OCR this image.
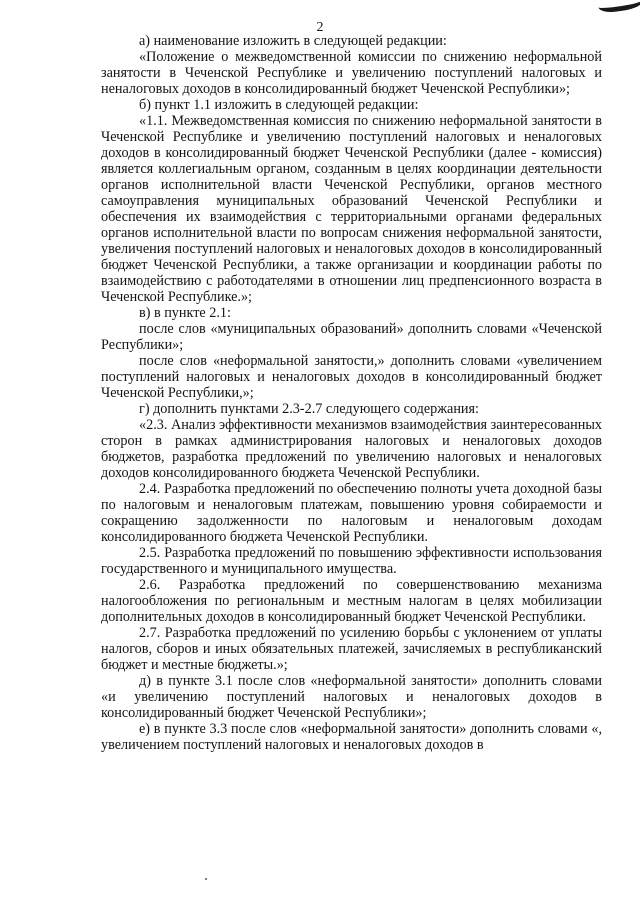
2

а) наименование изложить в следующей редакции:

«Положение о межведомственной комиссии по снижению неформальной занятости в Чеченской Республике и увеличению поступлений налоговых и неналоговых доходов в консолидированный бюджет Чеченской Республики»;

б) пункт 1.1 изложить в следующей редакции:

«1.1. Межведомственная комиссия по снижению неформальной занятости в Чеченской Республике и увеличению поступлений налоговых и неналоговых доходов в консолидированный бюджет Чеченской Республики (далее - комиссия) является коллегиальным органом, созданным в целях координации деятельности органов исполнительной власти Чеченской Республики, органов местного самоуправления муниципальных образований Чеченской Республики и обеспечения их взаимодействия с территориальными органами федеральных органов исполнительной власти по вопросам снижения неформальной занятости, увеличения поступлений налоговых и неналоговых доходов в консолидированный бюджет Чеченской Республики, а также организации и координации работы по взаимодействию с работодателями в отношении лиц предпенсионного возраста в Чеченской Республике.»;

в) в пункте 2.1:

после слов «муниципальных образований» дополнить словами «Чеченской Республики»;

после слов «неформальной занятости,» дополнить словами «увеличением поступлений налоговых и неналоговых доходов в консолидированный бюджет Чеченской Республики,»;

г) дополнить пунктами 2.3-2.7 следующего содержания:

«2.3. Анализ эффективности механизмов взаимодействия заинтересованных сторон в рамках администрирования налоговых и неналоговых доходов бюджетов, разработка предложений по увеличению налоговых и неналоговых доходов консолидированного бюджета Чеченской Республики.

2.4. Разработка предложений по обеспечению полноты учета доходной базы по налоговым и неналоговым платежам, повышению уровня собираемости и сокращению задолженности по налоговым и неналоговым доходам консолидированного бюджета Чеченской Республики.

2.5. Разработка предложений по повышению эффективности использования государственного и муниципального имущества.

2.6. Разработка предложений по совершенствованию механизма налогообложения по региональным и местным налогам в целях мобилизации дополнительных доходов в консолидированный бюджет Чеченской Республики.

2.7. Разработка предложений по усилению борьбы с уклонением от уплаты налогов, сборов и иных обязательных платежей, зачисляемых в республиканский бюджет и местные бюджеты.»;

д) в пункте 3.1 после слов «неформальной занятости» дополнить словами «и увеличению поступлений налоговых и неналоговых доходов в консолидированный бюджет Чеченской Республики»;

е) в пункте 3.3 после слов «неформальной занятости» дополнить словами «, увеличением поступлений налоговых и неналоговых доходов в
